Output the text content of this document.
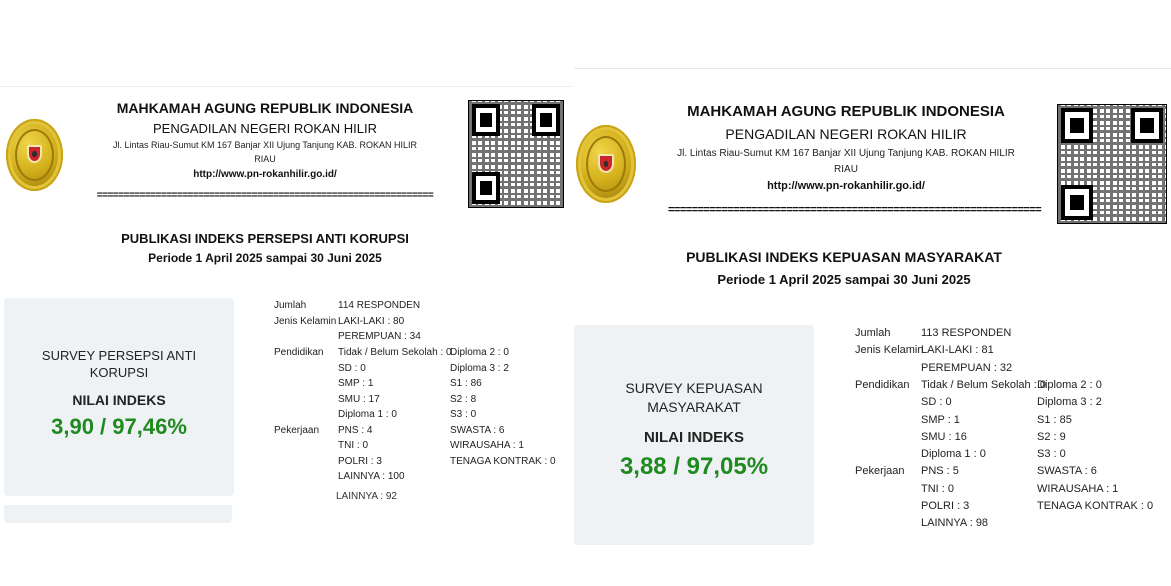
MAHKAMAH AGUNG REPUBLIK INDONESIA
PENGADILAN NEGERI ROKAN HILIR
Jl. Lintas Riau-Sumut KM 167 Banjar XII Ujung Tanjung KAB. ROKAN HILIR
RIAU
http://www.pn-rokanhilir.go.id/
===============================================================
PUBLIKASI INDEKS PERSEPSI ANTI KORUPSI
Periode 1 April 2025 sampai 30 Juni 2025
SURVEY PERSEPSI ANTI
KORUPSI
NILAI INDEKS
3,90 / 97,46%
Jumlah	114 RESPONDEN
Jenis Kelamin LAKI-LAKI : 80
PEREMPUAN : 34
Pendidikan Tidak / Belum Sekolah : 0
SD : 0
SMP : 1
SMU : 17
Diploma 1 : 0
Diploma 2 : 0
Diploma 3 : 2
S1 : 86
S2 : 8
S3 : 0
Pekerjaan PNS : 4
TNI : 0
POLRI : 3
LAINNYA : 100
SWASTA : 6
WIRAUSAHA : 1
TENAGA KONTRAK : 0
LAINNYA : 92
MAHKAMAH AGUNG REPUBLIK INDONESIA
PENGADILAN NEGERI ROKAN HILIR
Jl. Lintas Riau-Sumut KM 167 Banjar XII Ujung Tanjung KAB. ROKAN HILIR
RIAU
http://www.pn-rokanhilir.go.id/
===============================================================
PUBLIKASI INDEKS KEPUASAN MASYARAKAT
Periode 1 April 2025 sampai 30 Juni 2025
SURVEY KEPUASAN
MASYARAKAT
NILAI INDEKS
3,88 / 97,05%
Jumlah	113 RESPONDEN
Jenis Kelamin
LAKI-LAKI : 81
PEREMPUAN : 32
Pendidikan Tidak / Belum Sekolah : 0
SD : 0
SMP : 1
SMU : 16
Diploma 1 : 0
Diploma 2 : 0
Diploma 3 : 2
S1 : 85
S2 : 9
S3 : 0
Pekerjaan PNS : 5
TNI : 0
POLRI : 3
LAINNYA : 98
SWASTA : 6
WIRAUSAHA : 1
TENAGA KONTRAK : 0
